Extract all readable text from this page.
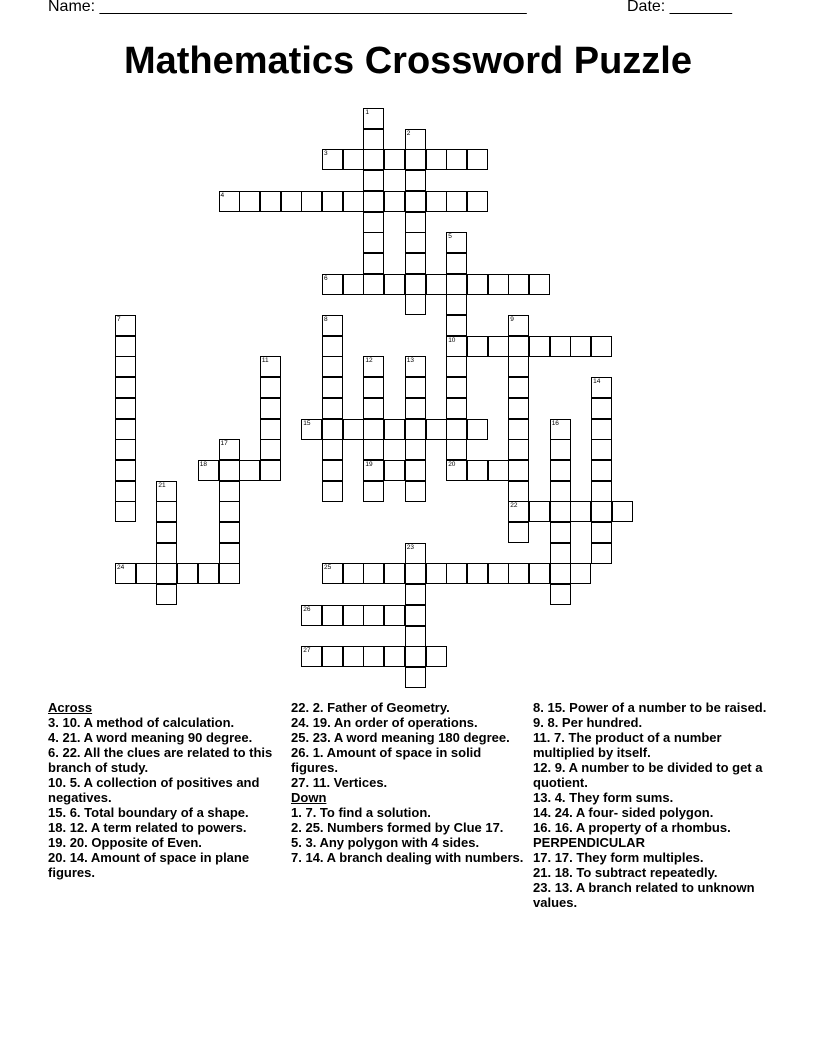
Name: ________________________________________________	Date: _______
Mathematics Crossword Puzzle
1
2
3
4
5
6
7	8	9
10
11	12	13
14
15	16
17
18	19	20
21
22
23
24	25
26
27

Across

3. 10. A method of calculation.

4. 21. A word meaning 90 degree.

6. 22. All the clues are related to this branch of study.

10. 5. A collection of positives and negatives.

15. 6. Total boundary of a shape.

18. 12. A term related to powers.

19. 20. Opposite of Even.

20. 14. Amount of space in plane figures.

22. 2. Father of Geometry.

24. 19. An order of operations.

25. 23. A word meaning 180 degree.

26. 1. Amount of space in solid figures.

27. 11. Vertices.

Down

1. 7. To find a solution.

2. 25. Numbers formed by Clue 17.

5. 3. Any polygon with 4 sides.

7. 14. A branch dealing with numbers.

8. 15. Power of a number to be raised.

9. 8. Per hundred.

11. 7. The product of a number multiplied by itself.

12. 9. A number to be divided to get a quotient.

13. 4. They form sums.

14. 24. A four- sided polygon.

16. 16. A property of a rhombus. PERPENDICULAR

17. 17. They form multiples.

21. 18. To subtract repeatedly.

23. 13. A branch related to unknown values.
